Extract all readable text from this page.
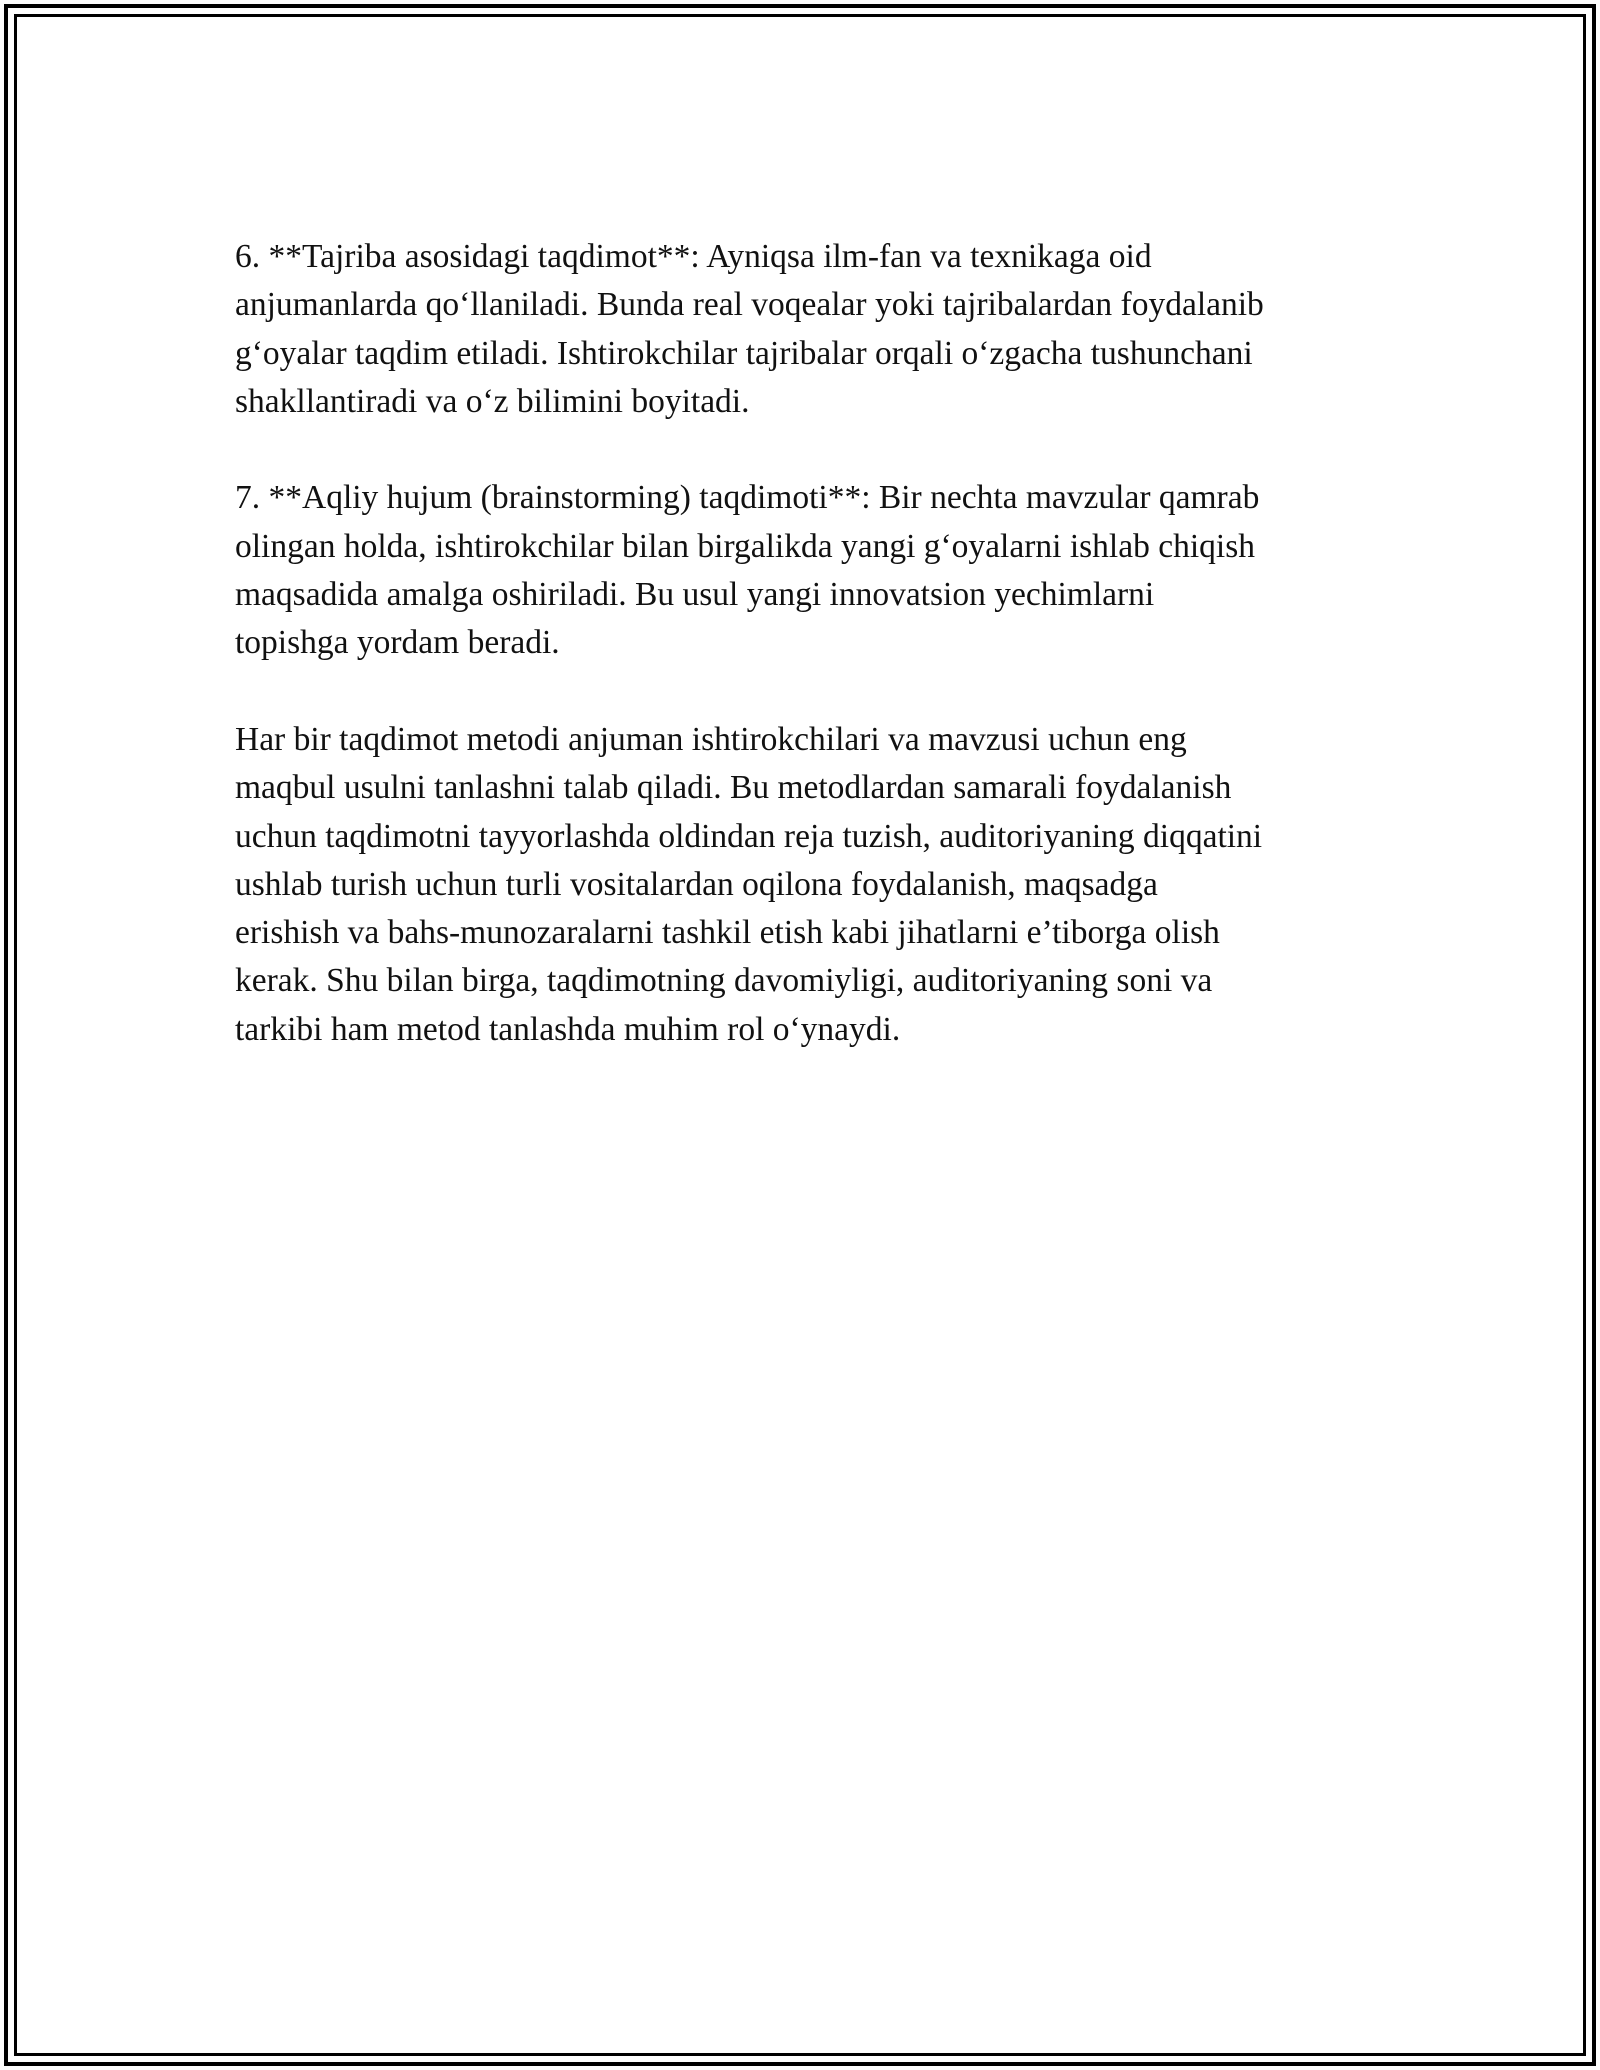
6. **Tajriba asosidagi taqdimot**: Ayniqsa ilm-fan va texnikaga oid
anjumanlarda qo‘llaniladi. Bunda real voqealar yoki tajribalardan foydalanib
g‘oyalar taqdim etiladi. Ishtirokchilar tajribalar orqali o‘zgacha tushunchani
shakllantiradi va o‘z bilimini boyitadi.

7. **Aqliy hujum (brainstorming) taqdimoti**: Bir nechta mavzular qamrab
olingan holda, ishtirokchilar bilan birgalikda yangi g‘oyalarni ishlab chiqish
maqsadida amalga oshiriladi. Bu usul yangi innovatsion yechimlarni
topishga yordam beradi.

Har bir taqdimot metodi anjuman ishtirokchilari va mavzusi uchun eng
maqbul usulni tanlashni talab qiladi. Bu metodlardan samarali foydalanish
uchun taqdimotni tayyorlashda oldindan reja tuzish, auditoriyaning diqqatini
ushlab turish uchun turli vositalardan oqilona foydalanish, maqsadga
erishish va bahs-munozaralarni tashkil etish kabi jihatlarni e’tiborga olish
kerak. Shu bilan birga, taqdimotning davomiyligi, auditoriyaning soni va
tarkibi ham metod tanlashda muhim rol o‘ynaydi.
